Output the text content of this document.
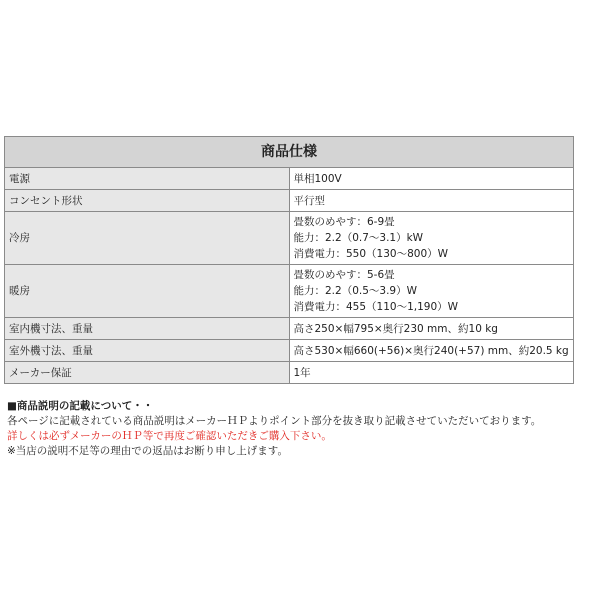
商品仕様	
電源	単相100V

コンセント形状	平行型

冷房	畳数のめやす：6-9畳
能力：2.2（0.7〜3.1）kW
消費電力：550（130〜800）W

暖房	畳数のめやす：5-6畳
能力：2.2（0.5〜3.9）W
消費電力：455（110〜1,190）W

室内機寸法、重量	高さ250×幅795×奥行230 mm、約10 kg

室外機寸法、重量	高さ530×幅660(+56)×奥行240(+57) mm、約20.5 kg

メーカー保証	1年
■商品説明の記載について・・
各ページに記載されている商品説明はメーカーＨＰよりポイント部分を抜き取り記載させていただいております。
詳しくは必ずメーカーのＨＰ等で再度ご確認いただきご購入下さい。
※当店の説明不足等の理由での返品はお断り申し上げます。
